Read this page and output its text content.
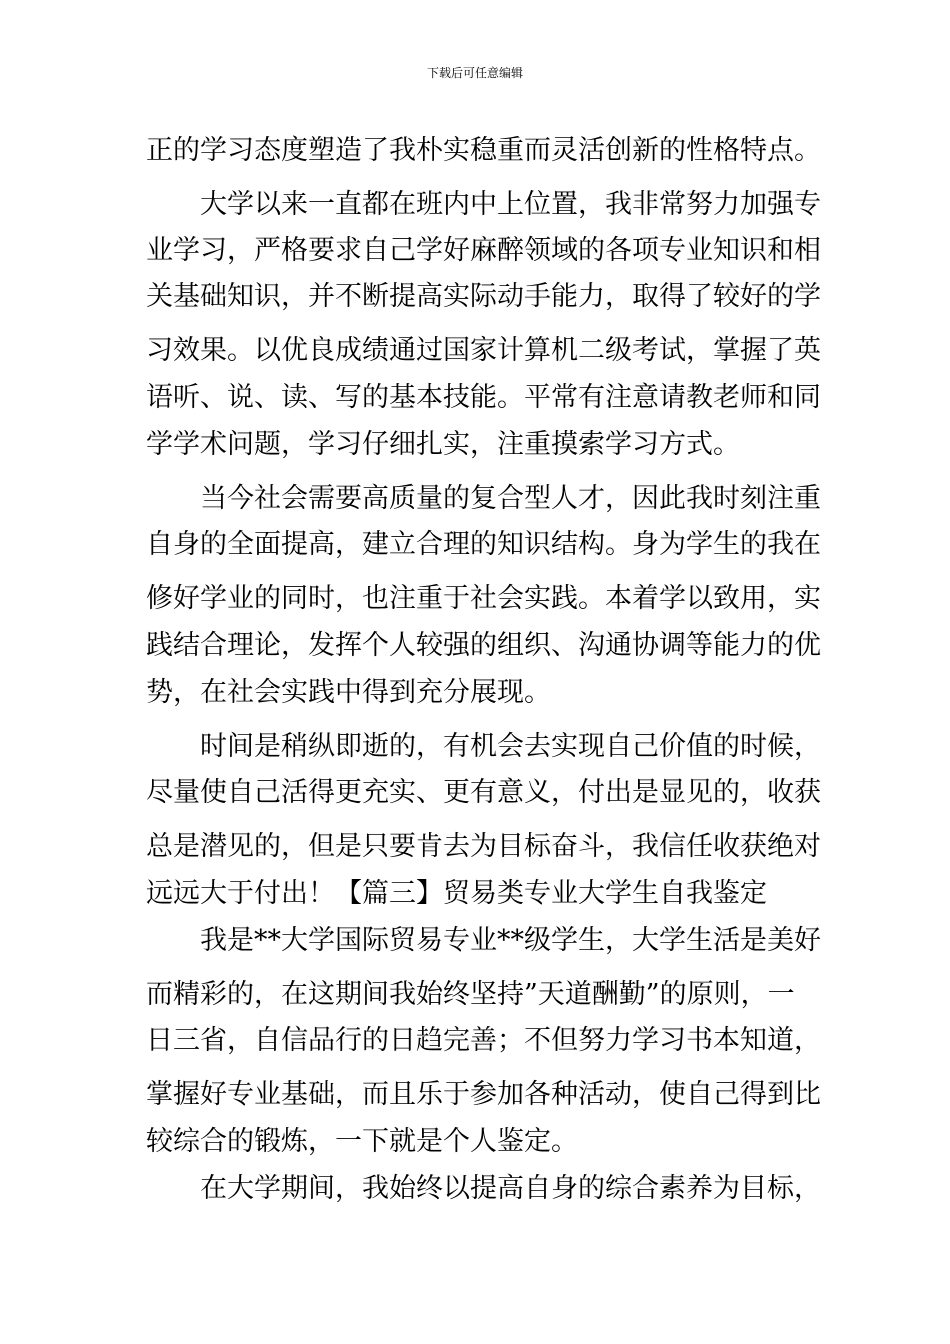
下载后可任意编辑
正的学习态度塑造了我朴实稳重而灵活创新的性格特点。
大学以来一直都在班内中上位置，我非常努力加强专
业学习，严格要求自己学好麻醉领域的各项专业知识和相
关基础知识，并不断提高实际动手能力，取得了较好的学
习效果。以优良成绩通过国家计算机二级考试，掌握了英
语听、说、读、写的基本技能。平常有注意请教老师和同
学学术问题，学习仔细扎实，注重摸索学习方式。
当今社会需要高质量的复合型人才，因此我时刻注重
自身的全面提高，建立合理的知识结构。身为学生的我在
修好学业的同时，也注重于社会实践。本着学以致用，实
践结合理论，发挥个人较强的组织、沟通协调等能力的优
势，在社会实践中得到充分展现。
时间是稍纵即逝的，有机会去实现自己价值的时候，
尽量使自己活得更充实、更有意义，付出是显见的，收获
总是潜见的，但是只要肯去为目标奋斗，我信任收获绝对
远远大于付出！【篇三】贸易类专业大学生自我鉴定
我是**大学国际贸易专业**级学生，大学生活是美好
而精彩的，在这期间我始终坚持”天道酬勤”的原则，一
日三省，自信品行的日趋完善；不但努力学习书本知道，
掌握好专业基础，而且乐于参加各种活动，使自己得到比
较综合的锻炼，一下就是个人鉴定。
在大学期间，我始终以提高自身的综合素养为目标，
